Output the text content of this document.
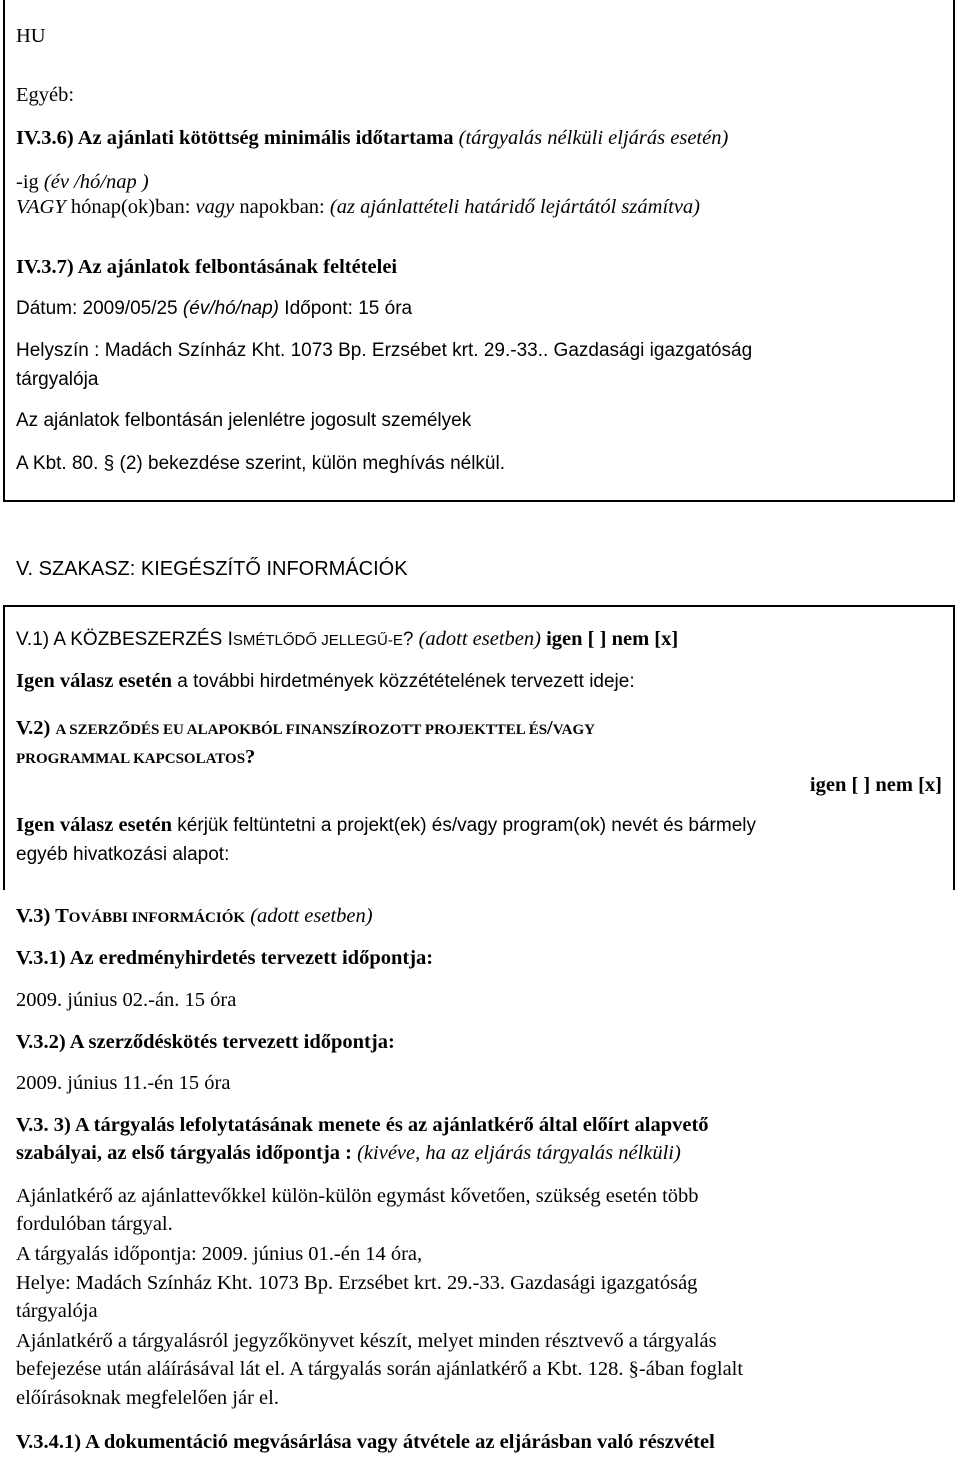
HU
Egyéb:
IV.3.6) Az ajánlati kötöttség minimális időtartama (tárgyalás nélküli eljárás esetén)
-ig (év /hó/nap )
VAGY hónap(ok)ban: vagy napokban: (az ajánlattételi határidő lejártától számítva)
IV.3.7) Az ajánlatok felbontásának feltételei
Dátum: 2009/05/25 (év/hó/nap) Időpont: 15 óra
Helyszín : Madách Színház Kht. 1073 Bp. Erzsébet krt. 29.-33.. Gazdasági igazgatóság
tárgyalója
Az ajánlatok felbontásán jelenlétre jogosult személyek
A Kbt. 80. § (2) bekezdése szerint, külön meghívás nélkül.
V. SZAKASZ: KIEGÉSZÍTŐ INFORMÁCIÓK
V.1) A KÖZBESZERZÉS ISMÉTLŐDŐ JELLEGŰ-E? (adott esetben) igen [ ] nem [x]
Igen válasz esetén a további hirdetmények közzétételének tervezett ideje:
V.2) A SZERZŐDÉS EU ALAPOKBÓL FINANSZÍROZOTT PROJEKTTEL ÉS/VAGY
PROGRAMMAL KAPCSOLATOS?
igen [ ] nem [x]
Igen válasz esetén kérjük feltüntetni a projekt(ek) és/vagy program(ok) nevét és bármely
egyéb hivatkozási alapot:
V.3) TOVÁBBI INFORMÁCIÓK (adott esetben)
V.3.1) Az eredményhirdetés tervezett időpontja:
2009. június 02.-án. 15 óra
V.3.2) A szerződéskötés tervezett időpontja:
2009. június 11.-én 15 óra
V.3. 3) A tárgyalás lefolytatásának menete és az ajánlatkérő által előírt alapvető
szabályai, az első tárgyalás időpontja : (kivéve, ha az eljárás tárgyalás nélküli)
Ajánlatkérő az ajánlattevőkkel külön-külön egymást kővetően, szükség esetén több
fordulóban tárgyal.
A tárgyalás időpontja: 2009. június 01.-én 14 óra,
Helye: Madách Színház Kht. 1073 Bp. Erzsébet krt. 29.-33. Gazdasági igazgatóság
tárgyalója
Ajánlatkérő a tárgyalásról jegyzőkönyvet készít, melyet minden résztvevő a tárgyalás
befejezése után aláírásával lát el. A tárgyalás során ajánlatkérő a Kbt. 128. §-ában foglalt
előírásoknak megfelelően jár el.
V.3.4.1) A dokumentáció megvásárlása vagy átvétele az eljárásban való részvétel
